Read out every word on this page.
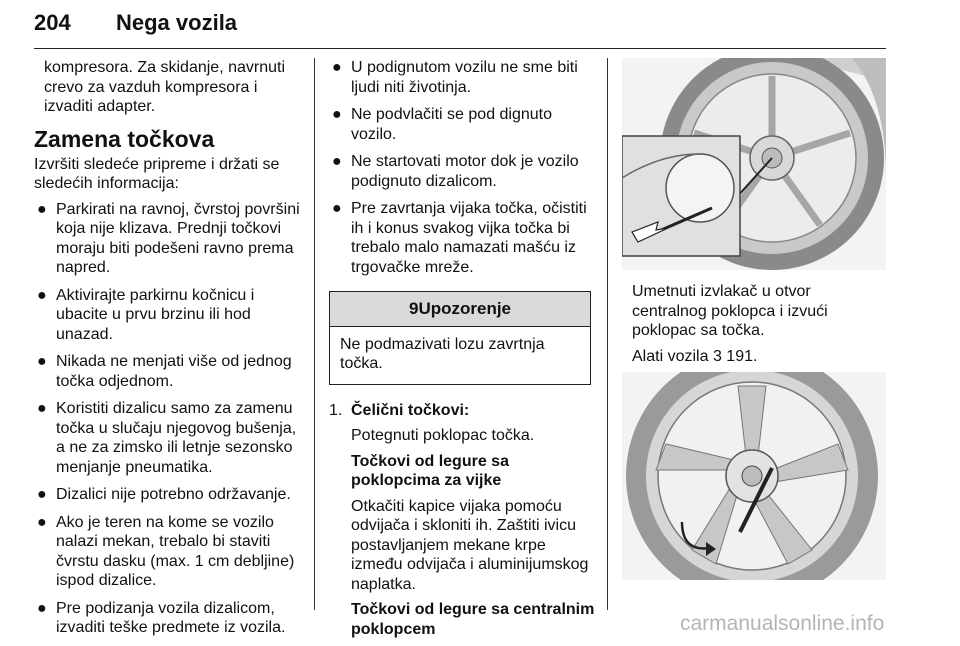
204 Nega vozila

kompresora. Za skidanje, navrnuti crevo za vazduh kompresora i izvaditi adapter.

Zamena točkova

Izvršiti sledeće pripreme i držati se sledećih informacija:

● Parkirati na ravnoj, čvrstoj površini koja nije klizava. Prednji točkovi moraju biti podešeni ravno prema napred.
● Aktivirajte parkirnu kočnicu i ubacite u prvu brzinu ili hod unazad.
● Nikada ne menjati više od jednog točka odjednom.
● Koristiti dizalicu samo za zamenu točka u slučaju njegovog bušenja, a ne za zimsko ili letnje sezonsko menjanje pneumatika.
● Dizalici nije potrebno održavanje.
● Ako je teren na kome se vozilo nalazi mekan, trebalo bi staviti čvrstu dasku (max. 1 cm debljine) ispod dizalice.
● Pre podizanja vozila dizalicom, izvaditi teške predmete iz vozila.
● U podignutom vozilu ne sme biti ljudi niti životinja.
● Ne podvlačiti se pod dignuto vozilo.
● Ne startovati motor dok je vozilo podignuto dizalicom.
● Pre zavrtanja vijaka točka, očistiti ih i konus svakog vijka točka bi trebalo malo namazati mašću iz trgovačke mreže.
9Upozorenje
Ne podmazivati lozu zavrtnja točka.
1. Čelični točkovi:

Potegnuti poklopac točka.

Točkovi od legure sa poklopcima za vijke

Otkačiti kapice vijaka pomoću odvijača i skloniti ih. Zaštiti ivicu postavljanjem mekane krpe između odvijača i aluminijumskog naplatka.

Točkovi od legure sa centralnim poklopcem

Umetnuti izvlakač u otvor centralnog poklopca i izvući poklopac sa točka.

Alati vozila 3 191.

carmanualsonline.info
